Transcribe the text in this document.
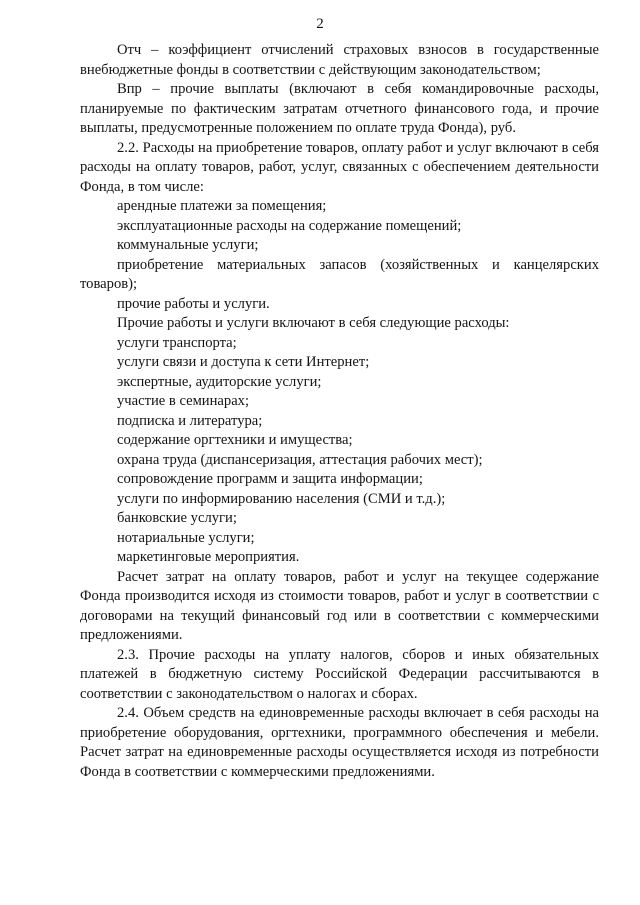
2

Отч – коэффициент отчислений страховых взносов в государственные внебюджетные фонды в соответствии с действующим законодательством;

Впр – прочие выплаты (включают в себя командировочные расходы, планируемые по фактическим затратам отчетного финансового года, и прочие выплаты, предусмотренные положением по оплате труда Фонда), руб.

2.2. Расходы на приобретение товаров, оплату работ и услуг включают в себя расходы на оплату товаров, работ, услуг, связанных с обеспечением деятельности Фонда, в том числе:

арендные платежи за помещения;

эксплуатационные расходы на содержание помещений;

коммунальные услуги;

приобретение материальных запасов (хозяйственных и канцелярских товаров);

прочие работы и услуги.

Прочие работы и услуги включают в себя следующие расходы:

услуги транспорта;

услуги связи и доступа к сети Интернет;

экспертные, аудиторские услуги;

участие в семинарах;

подписка и литература;

содержание оргтехники и имущества;

охрана труда (диспансеризация, аттестация рабочих мест);

сопровождение программ и защита информации;

услуги по информированию населения (СМИ и т.д.);

банковские услуги;

нотариальные услуги;

маркетинговые мероприятия.

Расчет затрат на оплату товаров, работ и услуг на текущее содержание Фонда производится исходя из стоимости товаров, работ и услуг в соответствии с договорами на текущий финансовый год или в соответствии с коммерческими предложениями.

2.3. Прочие расходы на уплату налогов, сборов и иных обязательных платежей в бюджетную систему Российской Федерации рассчитываются в соответствии с законодательством о налогах и сборах.

2.4. Объем средств на единовременные расходы включает в себя расходы на приобретение оборудования, оргтехники, программного обеспечения и мебели. Расчет затрат на единовременные расходы осуществляется исходя из потребности Фонда в соответствии с коммерческими предложениями.
